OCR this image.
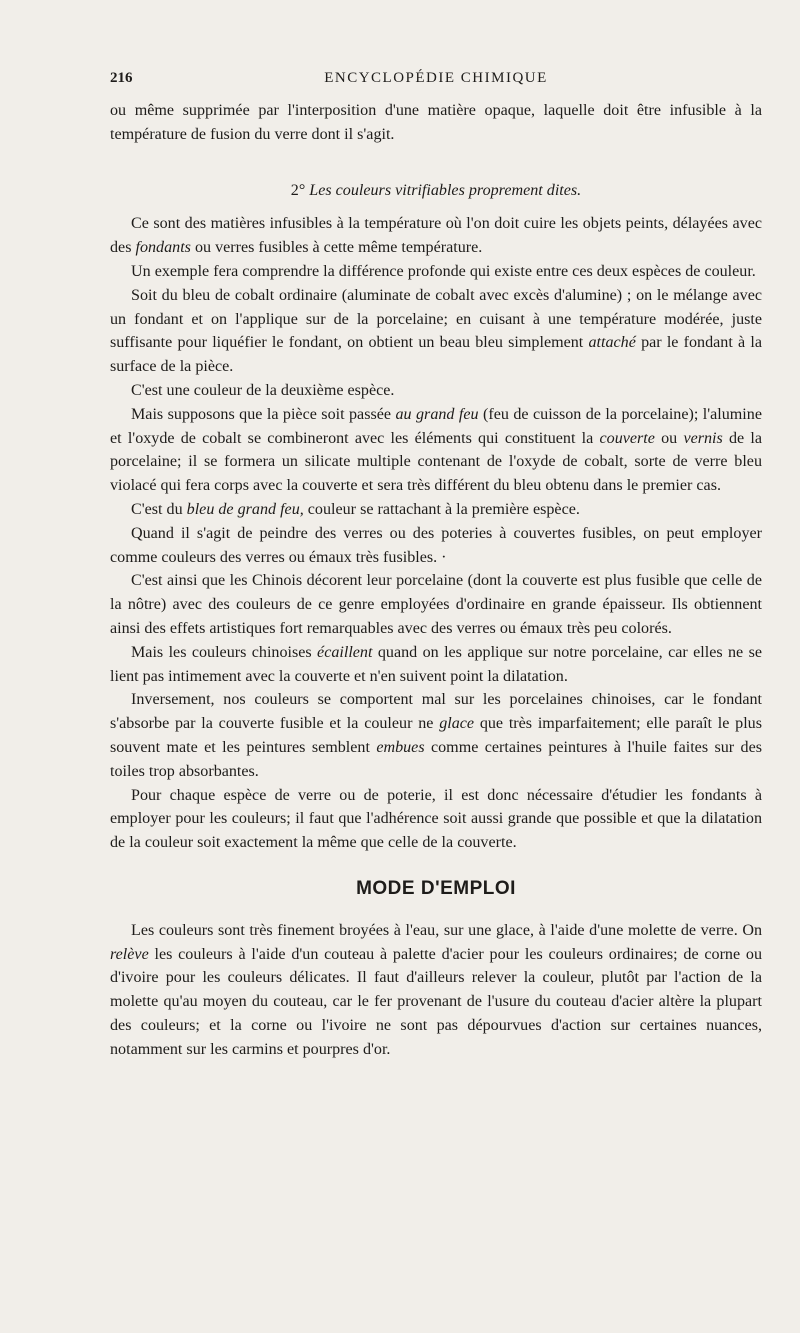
216	ENCYCLOPÉDIE CHIMIQUE

ou même supprimée par l'interposition d'une matière opaque, laquelle doit être infusible à la température de fusion du verre dont il s'agit.

2° Les couleurs vitrifiables proprement dites.

Ce sont des matières infusibles à la température où l'on doit cuire les objets peints, délayées avec des fondants ou verres fusibles à cette même température.

Un exemple fera comprendre la différence profonde qui existe entre ces deux espèces de couleur.

Soit du bleu de cobalt ordinaire (aluminate de cobalt avec excès d'alumine) ; on le mélange avec un fondant et on l'applique sur de la porcelaine; en cuisant à une température modérée, juste suffisante pour liquéfier le fondant, on obtient un beau bleu simplement attaché par le fondant à la surface de la pièce.

C'est une couleur de la deuxième espèce.

Mais supposons que la pièce soit passée au grand feu (feu de cuisson de la porcelaine); l'alumine et l'oxyde de cobalt se combineront avec les éléments qui constituent la couverte ou vernis de la porcelaine; il se formera un silicate multiple contenant de l'oxyde de cobalt, sorte de verre bleu violacé qui fera corps avec la couverte et sera très différent du bleu obtenu dans le premier cas.

C'est du bleu de grand feu, couleur se rattachant à la première espèce.

Quand il s'agit de peindre des verres ou des poteries à couvertes fusibles, on peut employer comme couleurs des verres ou émaux très fusibles. ·

C'est ainsi que les Chinois décorent leur porcelaine (dont la couverte est plus fusible que celle de la nôtre) avec des couleurs de ce genre employées d'ordinaire en grande épaisseur. Ils obtiennent ainsi des effets artistiques fort remarquables avec des verres ou émaux très peu colorés.

Mais les couleurs chinoises écaillent quand on les applique sur notre porcelaine, car elles ne se lient pas intimement avec la couverte et n'en suivent point la dilatation.

Inversement, nos couleurs se comportent mal sur les porcelaines chinoises, car le fondant s'absorbe par la couverte fusible et la couleur ne glace que très imparfaitement; elle paraît le plus souvent mate et les peintures semblent embues comme certaines peintures à l'huile faites sur des toiles trop absorbantes.

Pour chaque espèce de verre ou de poterie, il est donc nécessaire d'étudier les fondants à employer pour les couleurs; il faut que l'adhérence soit aussi grande que possible et que la dilatation de la couleur soit exactement la même que celle de la couverte.

MODE D'EMPLOI

Les couleurs sont très finement broyées à l'eau, sur une glace, à l'aide d'une molette de verre. On relève les couleurs à l'aide d'un couteau à palette d'acier pour les couleurs ordinaires; de corne ou d'ivoire pour les couleurs délicates. Il faut d'ailleurs relever la couleur, plutôt par l'action de la molette qu'au moyen du couteau, car le fer provenant de l'usure du couteau d'acier altère la plupart des couleurs; et la corne ou l'ivoire ne sont pas dépourvues d'action sur certaines nuances, notamment sur les carmins et pourpres d'or.
